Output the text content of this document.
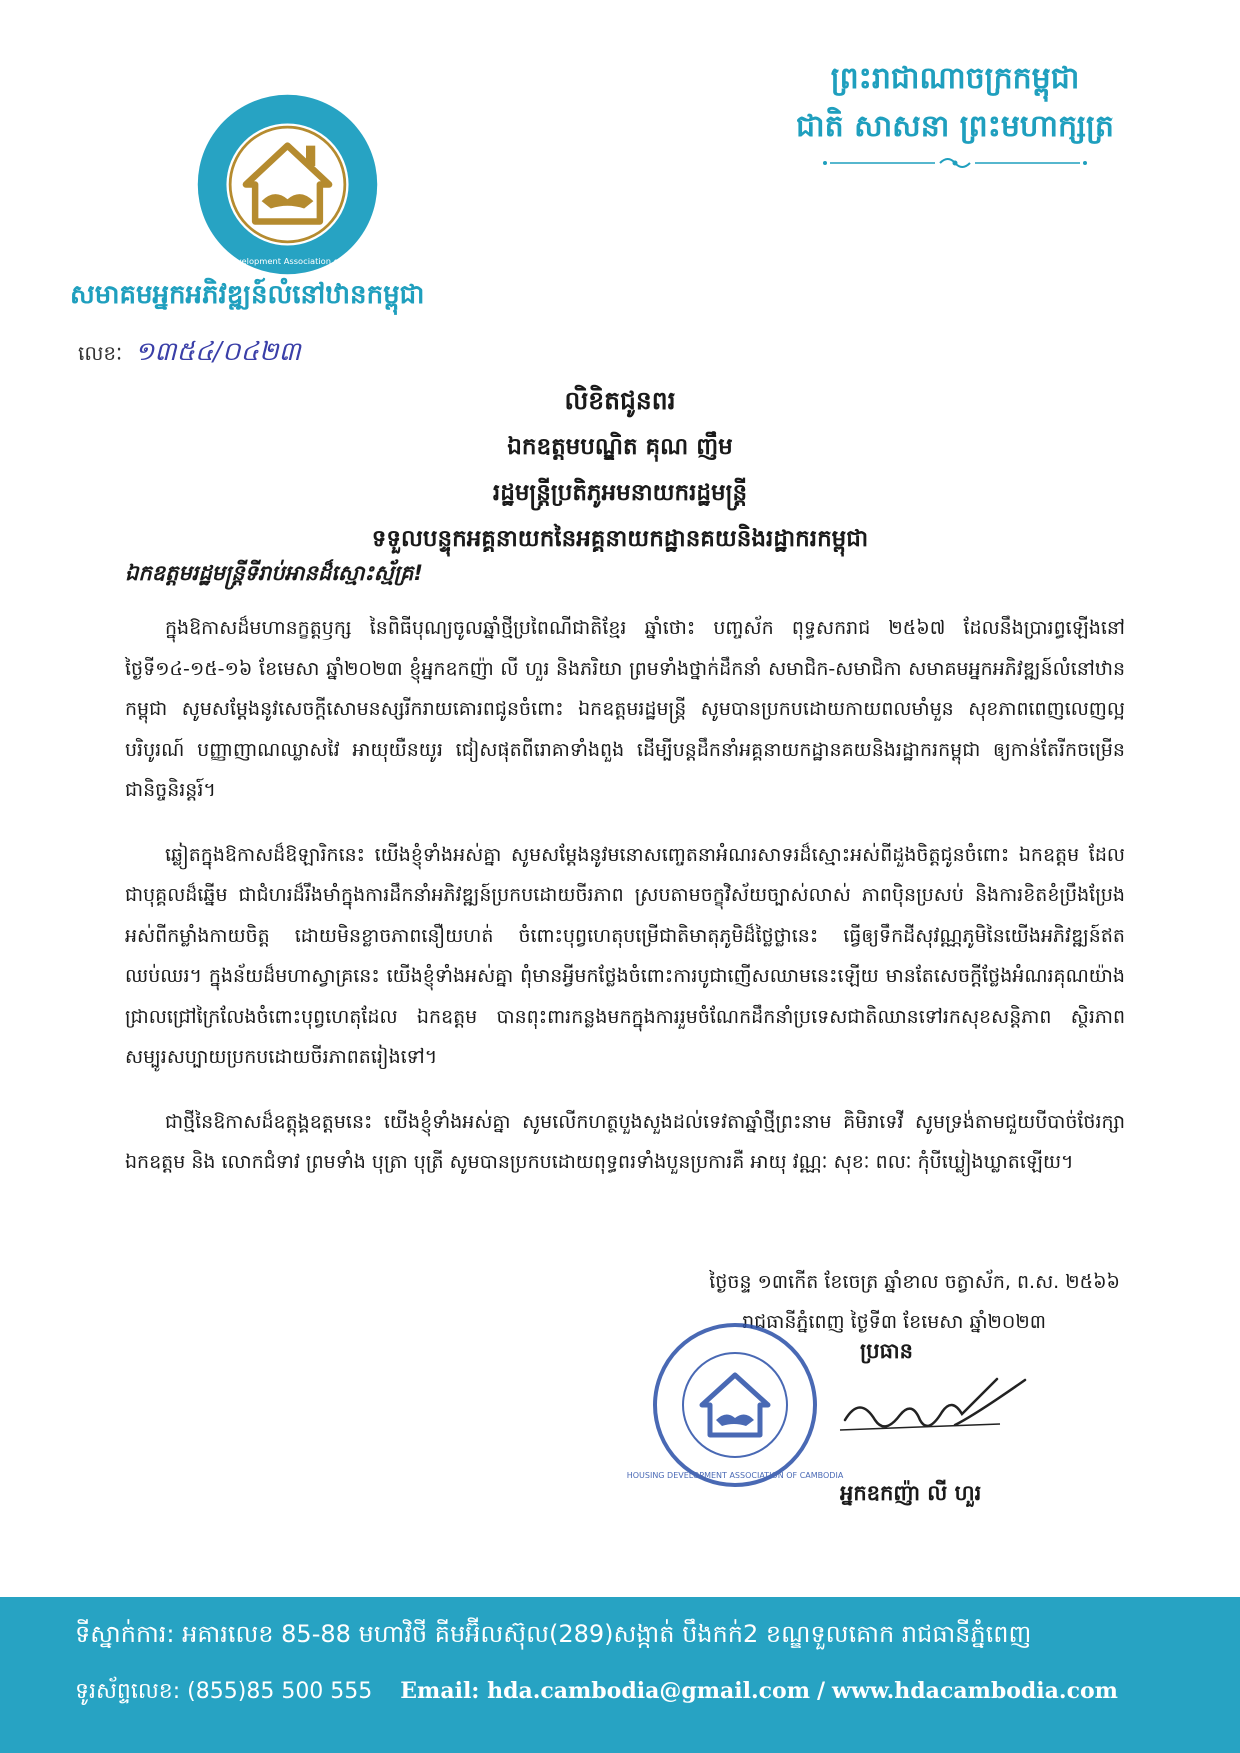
ព្រះរាជាណាចក្រកម្ពុជា
ជាតិ សាសនា ព្រះមហាក្សត្រ
Housing Development Association of Cambodia
សមាគមអ្នកអភិវឌ្ឍន៍លំនៅឋានកម្ពុជា
លេខៈ ១៣៥៤/០៤២៣
លិខិតជូនពរ
ឯកឧត្តមបណ្ឌិត គុណ ញឹម
រដ្ឋមន្ត្រីប្រតិភូអមនាយករដ្ឋមន្ត្រី
ទទួលបន្ទុកអគ្គនាយកនៃអគ្គនាយកដ្ឋានគយនិងរដ្ឋាករកម្ពុជា
ឯកឧត្តមរដ្ឋមន្ត្រីទីរាប់អានដ៏ស្មោះស្ម័គ្រ!

ក្នុងឱកាសដ៏មហានក្ខត្តឫក្ស នៃពិធីបុណ្យចូលឆ្នាំថ្មីប្រពៃណីជាតិខ្មែរ ឆ្នាំថោះ បញ្ចស័ក ពុទ្ធសករាជ ២៥៦៧ ដែលនឹងប្រារព្ធឡើងនៅថ្ងៃទី១៤-១៥-១៦ ខែមេសា ឆ្នាំ២០២៣ ខ្ញុំអ្នកឧកញ៉ា លី ហួរ និងភរិយា ព្រមទាំងថ្នាក់ដឹកនាំ សមាជិក-សមាជិកា សមាគមអ្នកអភិវឌ្ឍន៍លំនៅឋានកម្ពុជា សូមសម្តែងនូវសេចក្តីសោមនស្សរីករាយគោរពជូនចំពោះ ឯកឧត្តមរដ្ឋមន្ត្រី សូមបានប្រកបដោយកាយពលមាំមួន សុខភាពពេញលេញល្អបរិបូរណ៍ បញ្ញាញាណឈ្លាសវៃ អាយុយឺនយូរ ជៀសផុតពីរោគាទាំងពួង ដើម្បីបន្តដឹកនាំអគ្គនាយកដ្ឋានគយនិងរដ្ឋាករកម្ពុជា ឲ្យកាន់តែរីកចម្រើនជានិច្ចនិរន្តរ៍។

ឆ្លៀតក្នុងឱកាសដ៏ឱឡារិកនេះ យើងខ្ញុំទាំងអស់គ្នា សូមសម្តែងនូវមនោសញ្ចេតនាអំណរសាទរដ៏ស្មោះអស់ពីដួងចិត្តជូនចំពោះ ឯកឧត្តម ដែលជាបុគ្គលដ៏ឆ្នើម ជាជំហរដ៏រឹងមាំក្នុងការដឹកនាំអភិវឌ្ឍន៍ប្រកបដោយចីរភាព ស្របតាមចក្ខុវិស័យច្បាស់លាស់ ភាពប៉ិនប្រសប់ និងការខិតខំប្រឹងប្រែងអស់ពីកម្លាំងកាយចិត្ត ដោយមិនខ្លាចភាពនឿយហត់ ចំពោះបុព្វហេតុបម្រើជាតិមាតុភូមិដ៏ថ្លៃថ្លានេះ ធ្វើឲ្យទឹកដីសុវណ្ណភូមិនៃយើងអភិវឌ្ឍន៍ឥតឈប់ឈរ។ ក្នុងន័យដ៏មហាស្វាគ្រនេះ យើងខ្ញុំទាំងអស់គ្នា ពុំមានអ្វីមកថ្លែងចំពោះការបូជាញើសឈាមនេះឡើយ មានតែសេចក្តីថ្លែងអំណរគុណយ៉ាងជ្រាលជ្រៅក្រៃលែងចំពោះបុព្វហេតុដែល ឯកឧត្តម បានពុះពារកន្លងមកក្នុងការរួមចំណែកដឹកនាំប្រទេសជាតិឈានទៅរកសុខសន្តិភាព ស្ថិរភាព សម្បូរសប្បាយប្រកបដោយចីរភាពតរៀងទៅ។

ជាថ្មីនៃឱកាសដ៏ឧត្តុង្គឧត្តមនេះ យើងខ្ញុំទាំងអស់គ្នា សូមលើកហត្ថបួងសួងដល់ទេវតាឆ្នាំថ្មីព្រះនាម គិមិរាទេវី សូមទ្រង់តាមជួយបីបាច់ថែរក្សា ឯកឧត្តម និង លោកជំទាវ ព្រមទាំង បុត្រា បុត្រី សូមបានប្រកបដោយពុទ្ធពរទាំងបួនប្រការគឺ អាយុ វណ្ណៈ សុខៈ ពលៈ កុំបីឃ្លៀងឃ្លាតឡើយ។

ថ្ងៃចន្ទ ១៣កើត ខែចេត្រ ឆ្នាំខាល ចត្វាស័ក, ព.ស. ២៥៦៦
រាជធានីភ្នំពេញ ថ្ងៃទី៣ ខែមេសា ឆ្នាំ២០២៣
ប្រធាន
HOUSING DEVELOPMENT ASSOCIATION OF CAMBODIA
អ្នកឧកញ៉ា លី ហួរ
ទីស្នាក់ការ: អគារលេខ 85-88 មហាវិថី គីមអ៊ីលស៊ុល(289)សង្កាត់ បឹងកក់2 ខណ្ឌទួលគោក រាជធានីភ្នំពេញ
ទូរស័ព្ទលេខ: (855)85 500 555 Email: hda.cambodia@gmail.com / www.hdacambodia.com
